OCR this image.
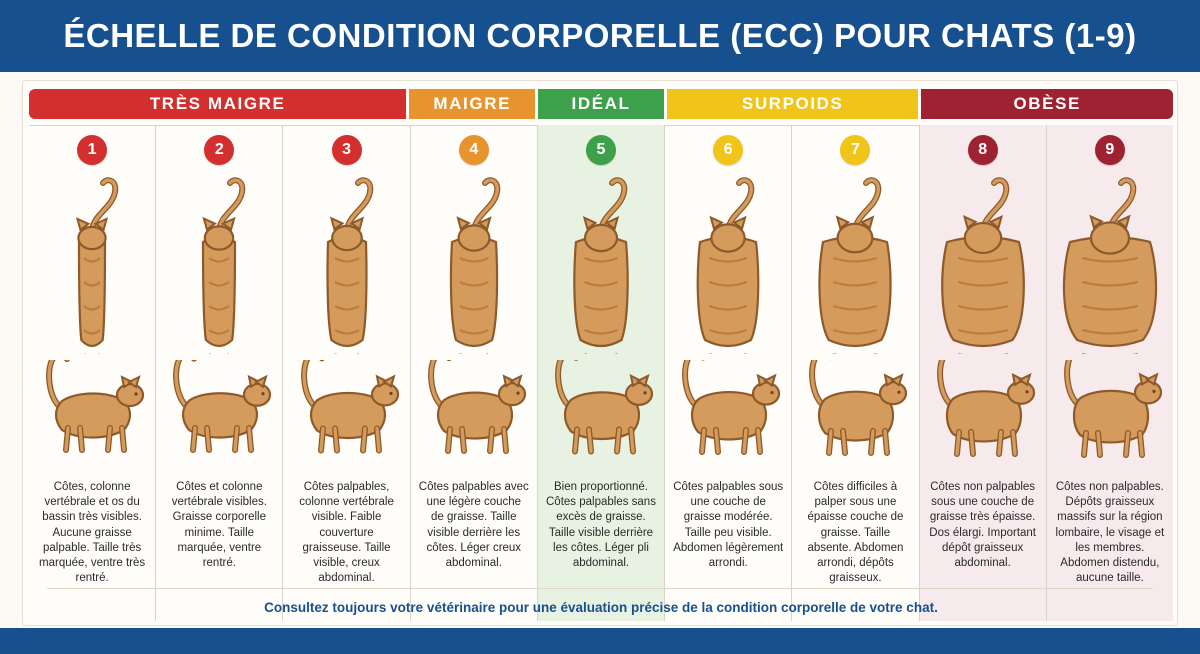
ÉCHELLE DE CONDITION CORPORELLE (ECC) POUR CHATS (1-9)
TRÈS MAIGRE	MAIGRE	IDÉAL	SURPOIDS	OBÈSE
1
Côtes, colonne vertébrale et os du bassin très visibles. Aucune graisse palpable. Taille très marquée, ventre très rentré.
2
Côtes et colonne vertébrale visibles. Graisse corporelle minime. Taille marquée, ventre rentré.
3
Côtes palpables, colonne vertébrale visible. Faible couverture graisseuse. Taille visible, creux abdominal.
4
Côtes palpables avec une légère couche de graisse. Taille visible derrière les côtes. Léger creux abdominal.
5
Bien proportionné. Côtes palpables sans excès de graisse. Taille visible derrière les côtes. Léger pli abdominal.
6
Côtes palpables sous une couche de graisse modérée. Taille peu visible. Abdomen légèrement arrondi.
7
Côtes difficiles à palper sous une épaisse couche de graisse. Taille absente. Abdomen arrondi, dépôts graisseux.
8
Côtes non palpables sous une couche de graisse très épaisse. Dos élargi. Important dépôt graisseux abdominal.
9
Côtes non palpables. Dépôts graisseux massifs sur la région lombaire, le visage et les membres. Abdomen distendu, aucune taille.
Consultez toujours votre vétérinaire pour une évaluation précise de la condition corporelle de votre chat.
